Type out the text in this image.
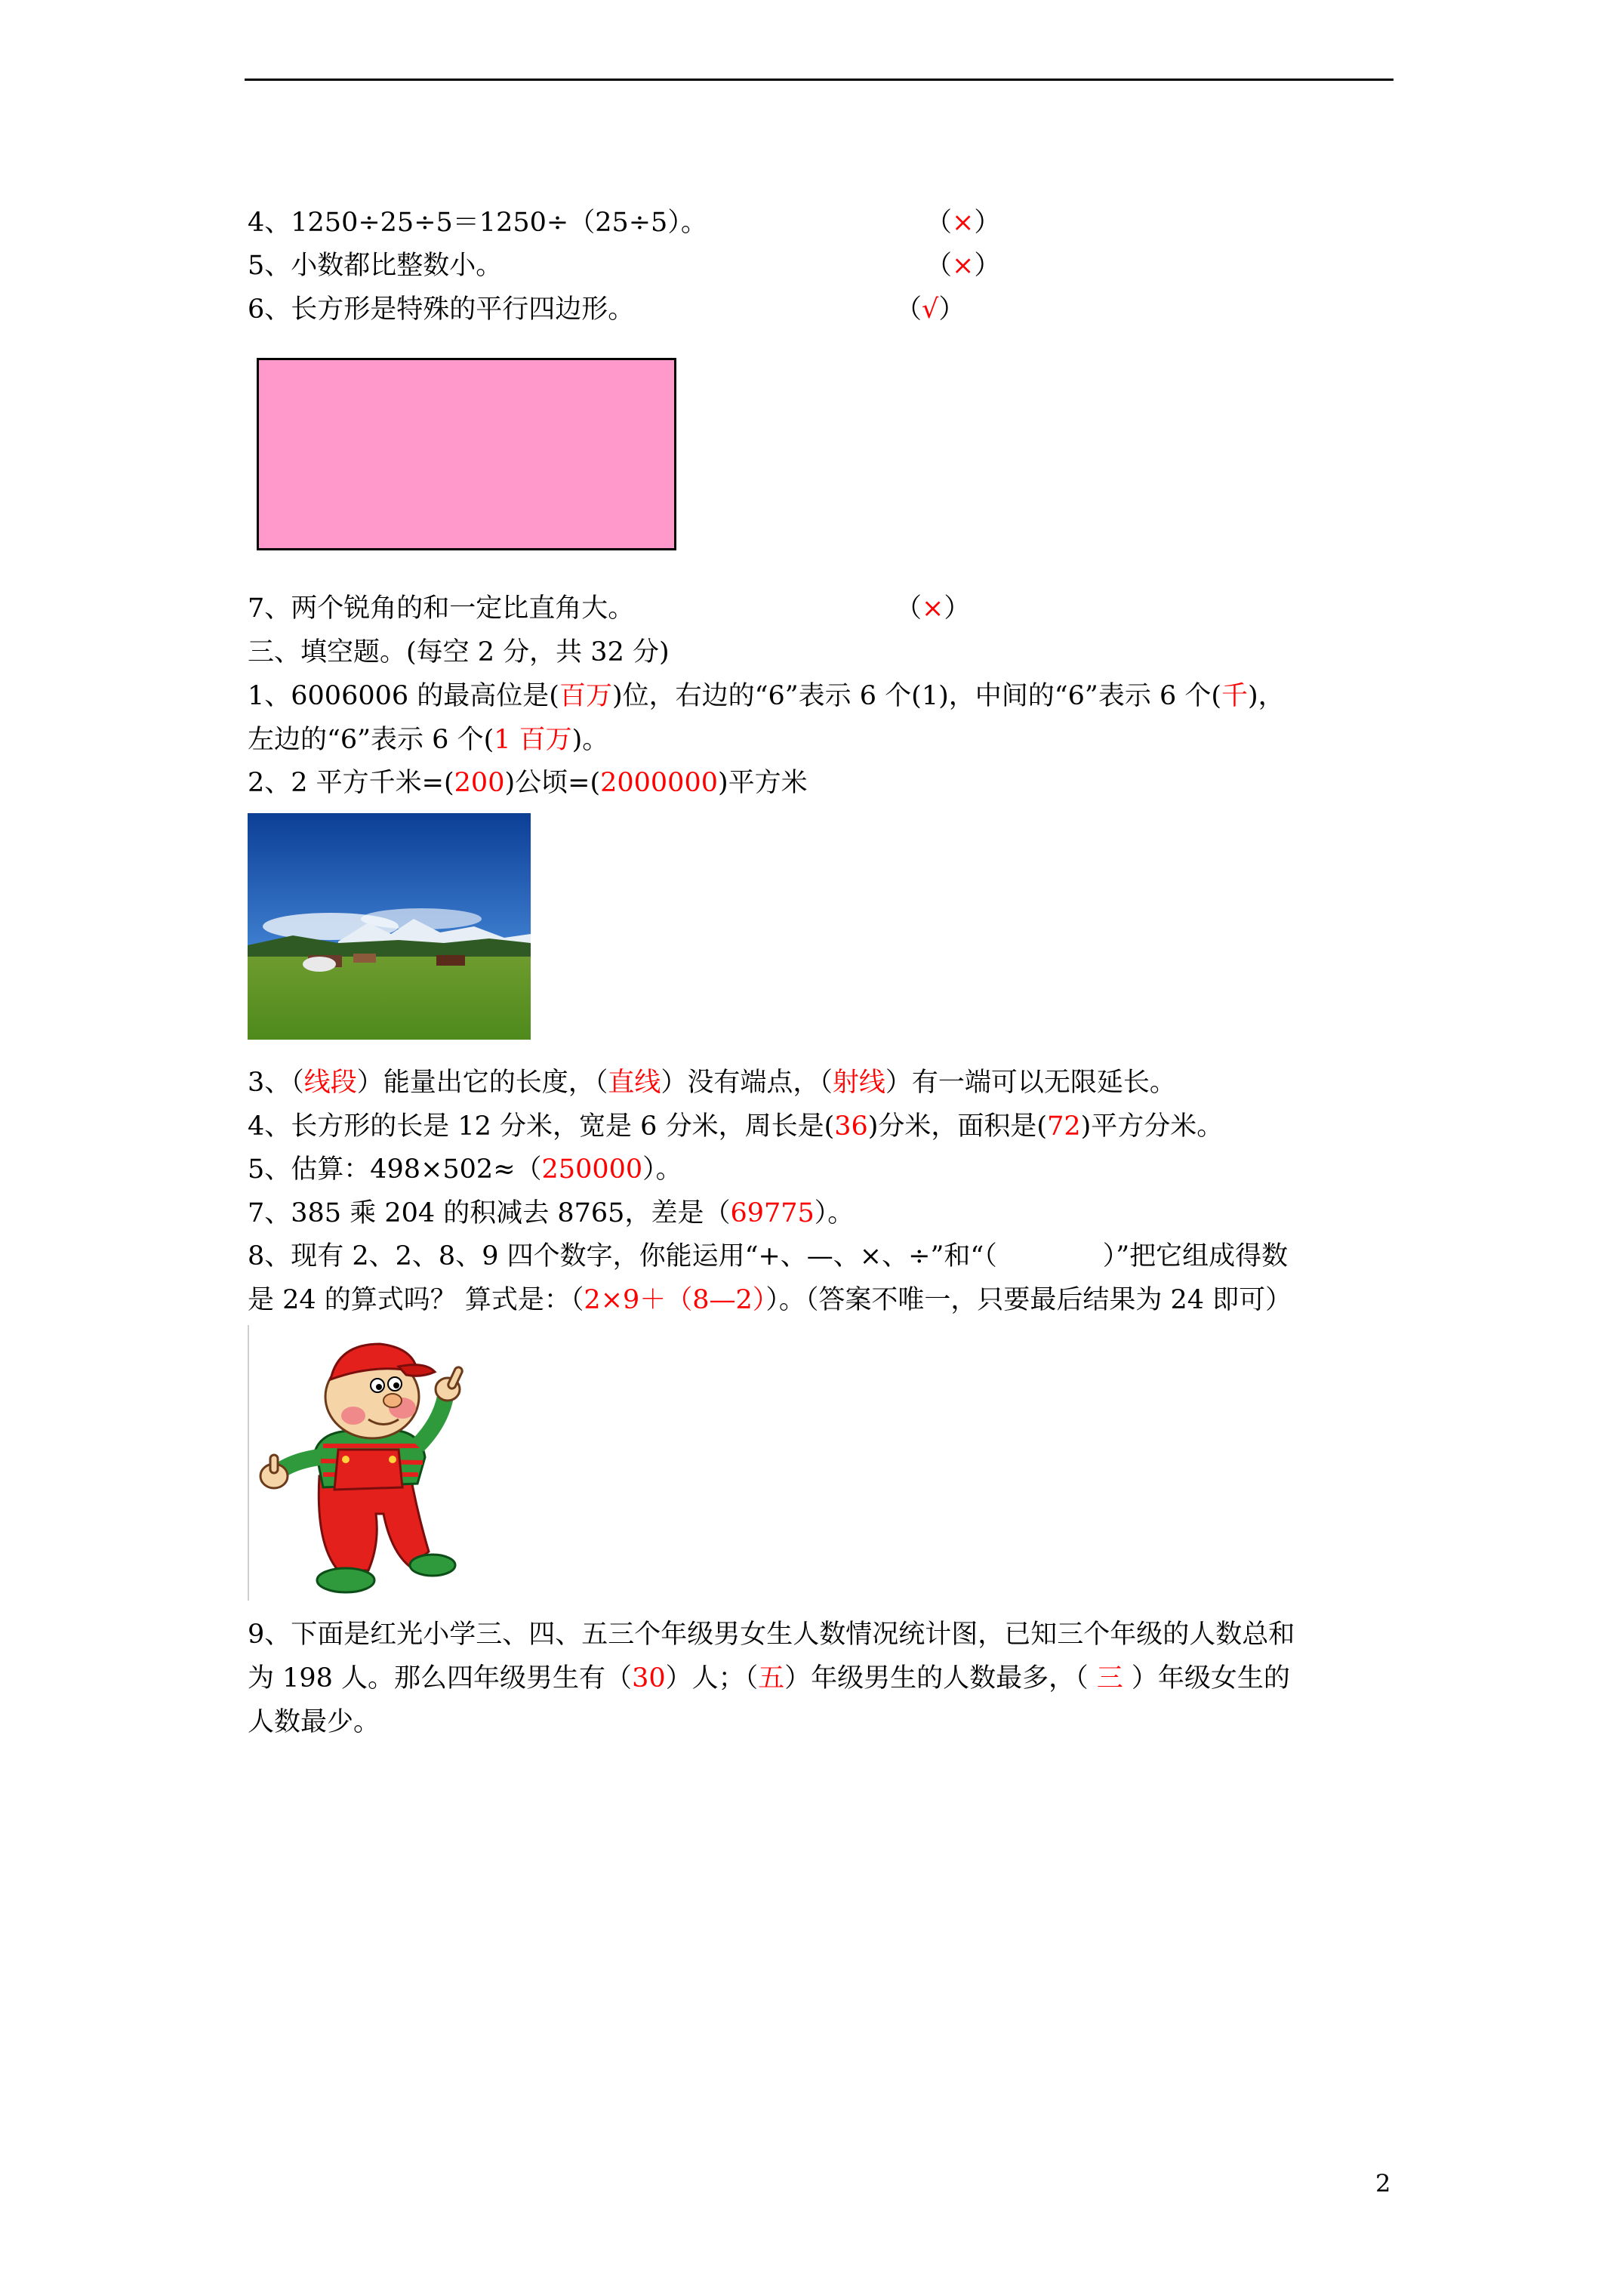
4、1250÷25÷5＝1250÷（25÷5）。	（×）
5、小数都比整数小。	（×）
6、长方形是特殊的平行四边形。	（√）
7、两个锐角的和一定比直角大。	（×）
三、填空题。(每空 2 分，共 32 分)
1、6006006 的最高位是(百万)位，右边的“6”表示 6 个(1)，中间的“6”表示 6 个(千)，
左边的“6”表示 6 个(1 百万)。
2、2 平方千米=(200)公顷=(2000000)平方米
3、（线段）能量出它的长度，（直线）没有端点，（射线）有一端可以无限延长。
4、长方形的长是 12 分米，宽是 6 分米，周长是(36)分米，面积是(72)平方分米。
5、估算：498×502≈（250000）。
7、385 乘 204 的积减去 8765，差是（69775）。
8、现有 2、2、8、9 四个数字，你能运用“+、—、×、÷”和“（　　　　）”把它组成得数
是 24 的算式吗？ 算式是：（2×9＋（8—2））。（答案不唯一，只要最后结果为 24 即可）
9、下面是红光小学三、四、五三个年级男女生人数情况统计图，已知三个年级的人数总和
为 198 人。那么四年级男生有（30）人；（五）年级男生的人数最多，（ 三 ）年级女生的
人数最少。
2
